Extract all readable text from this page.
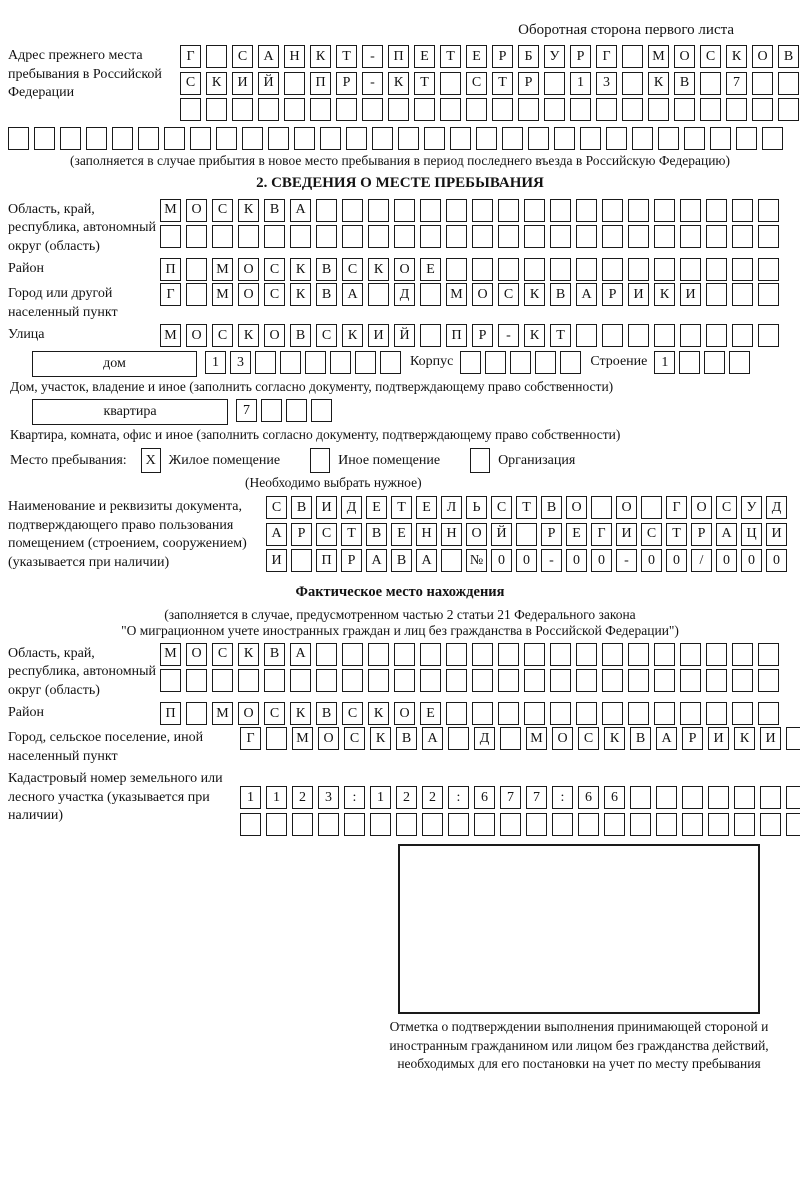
Оборотная сторона первого листа
Адрес прежнего места пребывания в Российской Федерации
Г	С	А	Н	К	Т	-	П	Е	Т	Е	Р	Б	У	Р	Г	М	О	С	К	О	В
С	К	И	Й	П	Р	-	К	Т	С	Т	Р	1	3	К	В	7
(заполняется в случае прибытия в новое место пребывания в период последнего въезда в Российскую Федерацию)
2. СВЕДЕНИЯ О МЕСТЕ ПРЕБЫВАНИЯ
Область, край, республика, автономный округ (область)
М	О	С	К	В	А
Район	П	М	О	С	К	В	С	К	О	Е
Город или другой населенный пункт
Г	М	О	С	К	В	А	Д	М	О	С	К	В	А	Р	И	К	И
Улица	М	О	С	К	О	В	С	К	И	Й	П	Р	-	К	Т
дом	1	3	Корпус	Строение	1
Дом, участок, владение и иное (заполнить согласно документу, подтверждающему право собственности)
квартира	7
Квартира, комната, офис и иное (заполнить согласно документу, подтверждающему право собственности)
Место пребывания:	X Жилое помещение	Иное помещение	Организация
(Необходимо выбрать нужное)
Наименование и реквизиты документа, подтверждающего право пользования помещением (строением, сооружением) (указывается при наличии)
С	В	И	Д	Е	Т	Е	Л	Ь	С	Т	В	О	О	Г	О	С	У	Д
А	Р	С	Т	В	Е	Н	Н	О	Й	Р	Е	Г	И	С	Т	Р	А	Ц	И
И	П	Р	А	В	А	№	0	0	-	0	0	-	0	0	/	0	0	0
Фактическое место нахождения
(заполняется в случае, предусмотренном частью 2 статьи 21 Федерального закона
"О миграционном учете иностранных граждан и лиц без гражданства в Российской Федерации")
Область, край, республика, автономный округ (область)
М	О	С	К	В	А
Район	П	М	О	С	К	В	С	К	О	Е
Город, сельское поселение, иной населенный пункт
Г	М	О	С	К	В	А	Д	М	О	С	К	В	А	Р	И	К	И
Кадастровый номер земельного или лесного участка (указывается при наличии)
1	1	2	3	:	1	2	2	:	6	7	7	:	6	6
Отметка о подтверждении выполнения принимающей стороной и иностранным гражданином или лицом без гражданства действий, необходимых для его постановки на учет по месту пребывания
